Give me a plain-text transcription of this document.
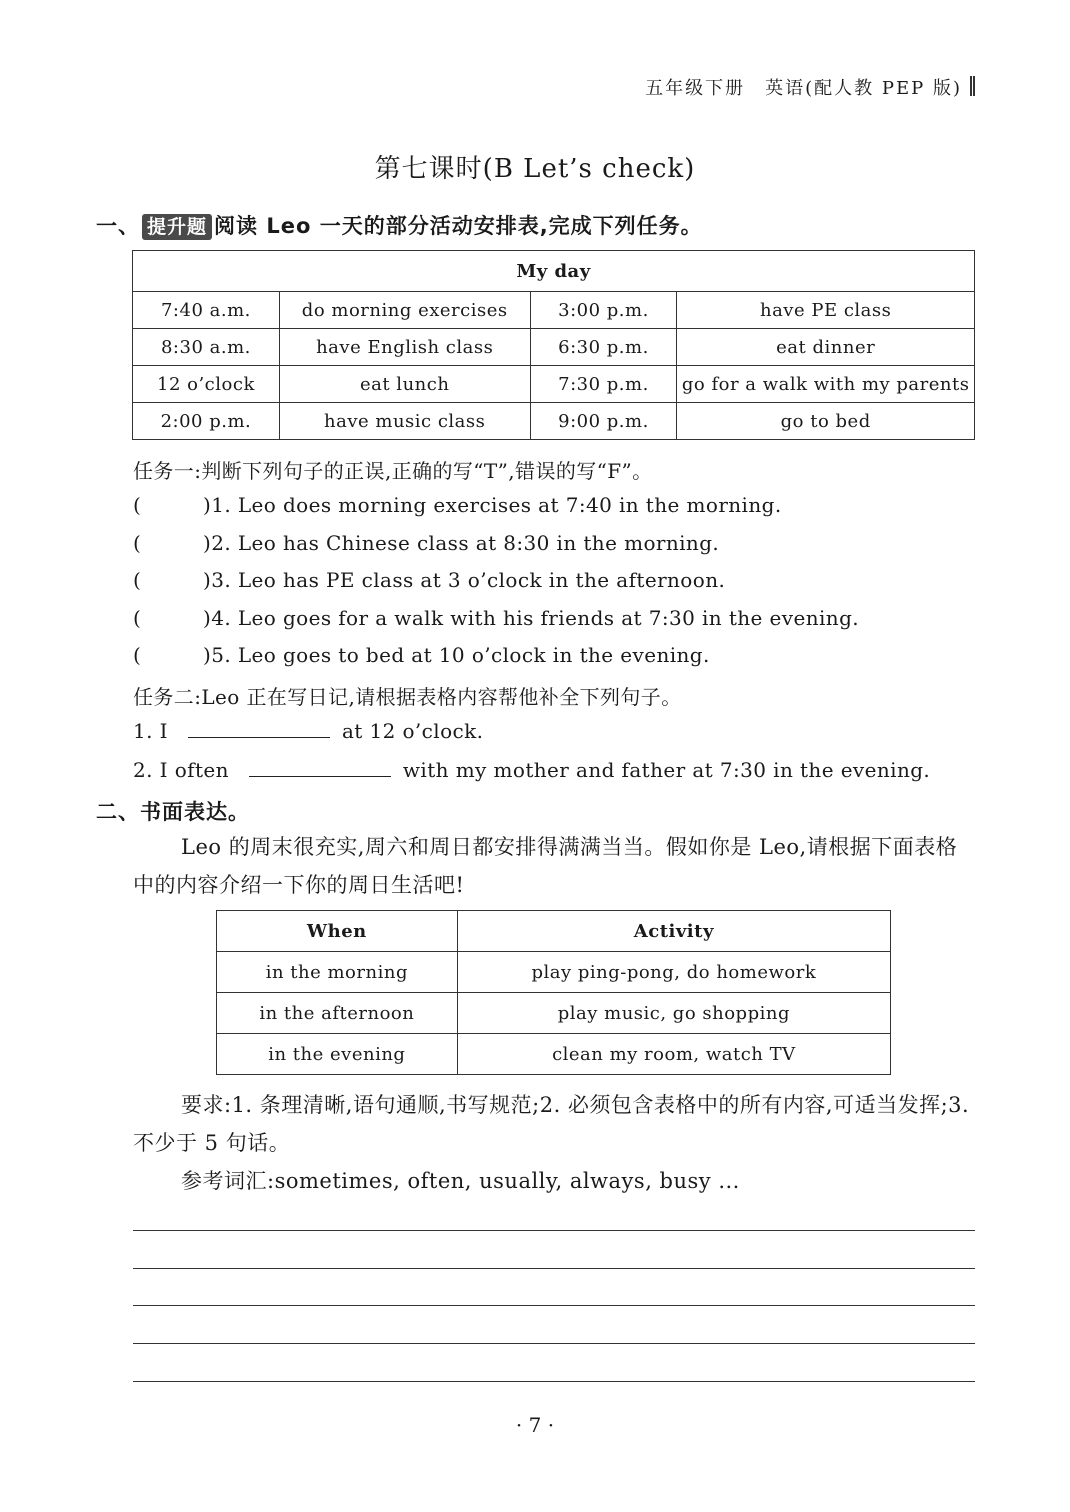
五年级下册　英语(配人教 PEP 版)
第七课时(B Let’s check)
一、 提升题 阅读 Leo 一天的部分活动安排表,完成下列任务。
My day			
7:40 a.m.	do morning exercises	3:00 p.m.	have PE class
8:30 a.m.	have English class	6:30 p.m.	eat dinner
12 o’clock	eat lunch	7:30 p.m.	go for a walk with my parents
2:00 p.m.	have music class	9:00 p.m.	go to bed
任务一:判断下列句子的正误,正确的写“T”,错误的写“F”。
(	)1. Leo does morning exercises at 7:40 in the morning.
(	)2. Leo has Chinese class at 8:30 in the morning.
(	)3. Leo has PE class at 3 o’clock in the afternoon.
(	)4. Leo goes for a walk with his friends at 7:30 in the evening.
(	)5. Leo goes to bed at 10 o’clock in the evening.
任务二:Leo 正在写日记,请根据表格内容帮他补全下列句子。
1. I	at 12 o’clock.
2. I often	with my mother and father at 7:30 in the evening.
二、书面表达。
Leo 的周末很充实,周六和周日都安排得满满当当。假如你是 Leo,请根据下面表格中的内容介绍一下你的周日生活吧!
When	Activity
in the morning	play ping-pong, do homework
in the afternoon	play music, go shopping
in the evening	clean my room, watch TV
要求:1. 条理清晰,语句通顺,书写规范;2. 必须包含表格中的所有内容,可适当发挥;3. 不少于 5 句话。
参考词汇:sometimes, often, usually, always, busy ...
· 7 ·
